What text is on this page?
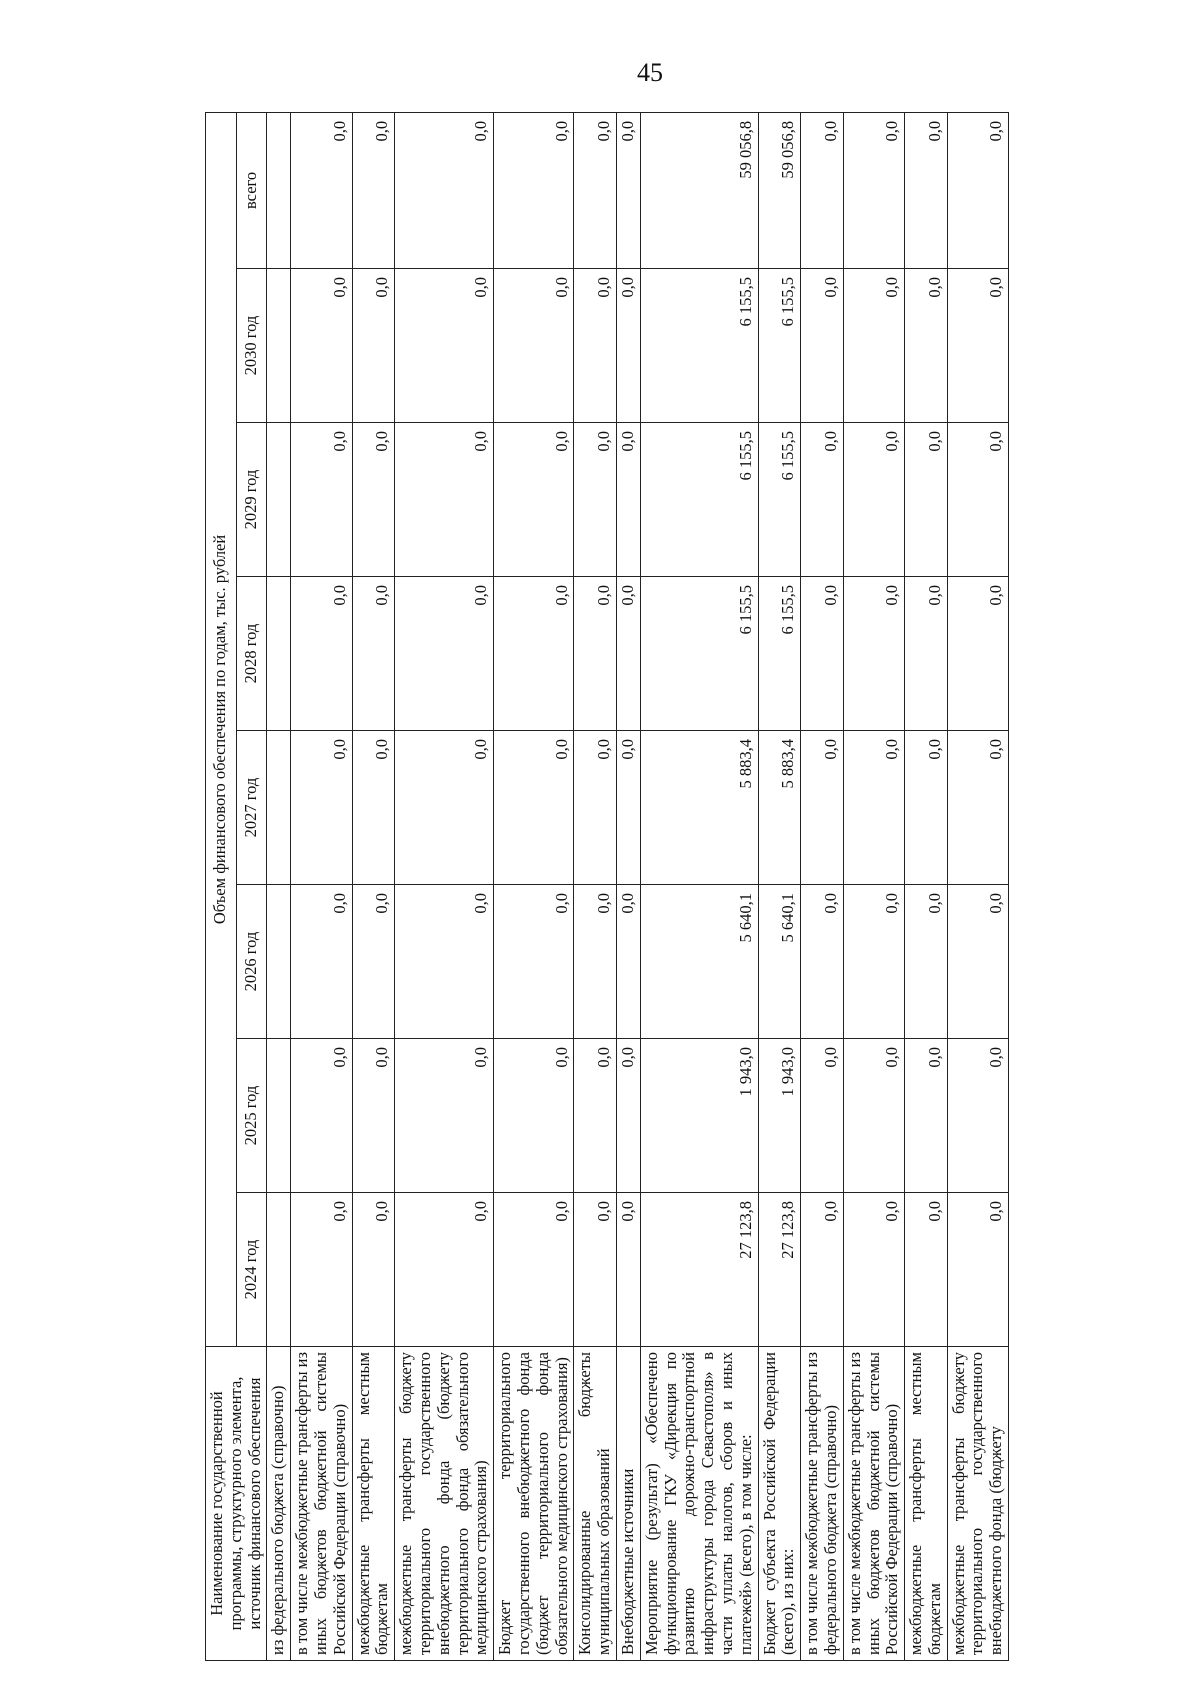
45
Наименование государственной программы, структурного элемента, источник финансового обеспечения	Объем финансового обеспечения по годам, тыс. рублей							
	2024 год	2025 год	2026 год	2027 год	2028 год	2029 год	2030 год	всего
из федерального бюджета (справочно)								
в том числе межбюджетные трансферты из иных бюджетов бюджетной системы Российской Федерации (справочно)	0,0	0,0	0,0	0,0	0,0	0,0	0,0	0,0
межбюджетные трансферты местным бюджетам	0,0	0,0	0,0	0,0	0,0	0,0	0,0	0,0
межбюджетные трансферты бюджету территориального государственного внебюджетного фонда (бюджету территориального фонда обязательного медицинского страхования)	0,0	0,0	0,0	0,0	0,0	0,0	0,0	0,0
Бюджет территориального государственного внебюджетного фонда (бюджет территориального фонда обязательного медицинского страхования)	0,0	0,0	0,0	0,0	0,0	0,0	0,0	0,0
Консолидированные бюджеты муниципальных образований	0,0	0,0	0,0	0,0	0,0	0,0	0,0	0,0
Внебюджетные источники	0,0	0,0	0,0	0,0	0,0	0,0	0,0	0,0
Мероприятие (результат) «Обеспечено функционирование ГКУ «Дирекция по развитию дорожно-транспортной инфраструктуры города Севастополя» в части уплаты налогов, сборов и иных платежей» (всего), в том числе:	27 123,8	1 943,0	5 640,1	5 883,4	6 155,5	6 155,5	6 155,5	59 056,8
Бюджет субъекта Российской Федерации (всего), из них:	27 123,8	1 943,0	5 640,1	5 883,4	6 155,5	6 155,5	6 155,5	59 056,8
в том числе межбюджетные трансферты из федерального бюджета (справочно)	0,0	0,0	0,0	0,0	0,0	0,0	0,0	0,0
в том числе межбюджетные трансферты из иных бюджетов бюджетной системы Российской Федерации (справочно)	0,0	0,0	0,0	0,0	0,0	0,0	0,0	0,0
межбюджетные трансферты местным бюджетам	0,0	0,0	0,0	0,0	0,0	0,0	0,0	0,0
межбюджетные трансферты бюджету территориального государственного внебюджетного фонда (бюджету	0,0	0,0	0,0	0,0	0,0	0,0	0,0	0,0
